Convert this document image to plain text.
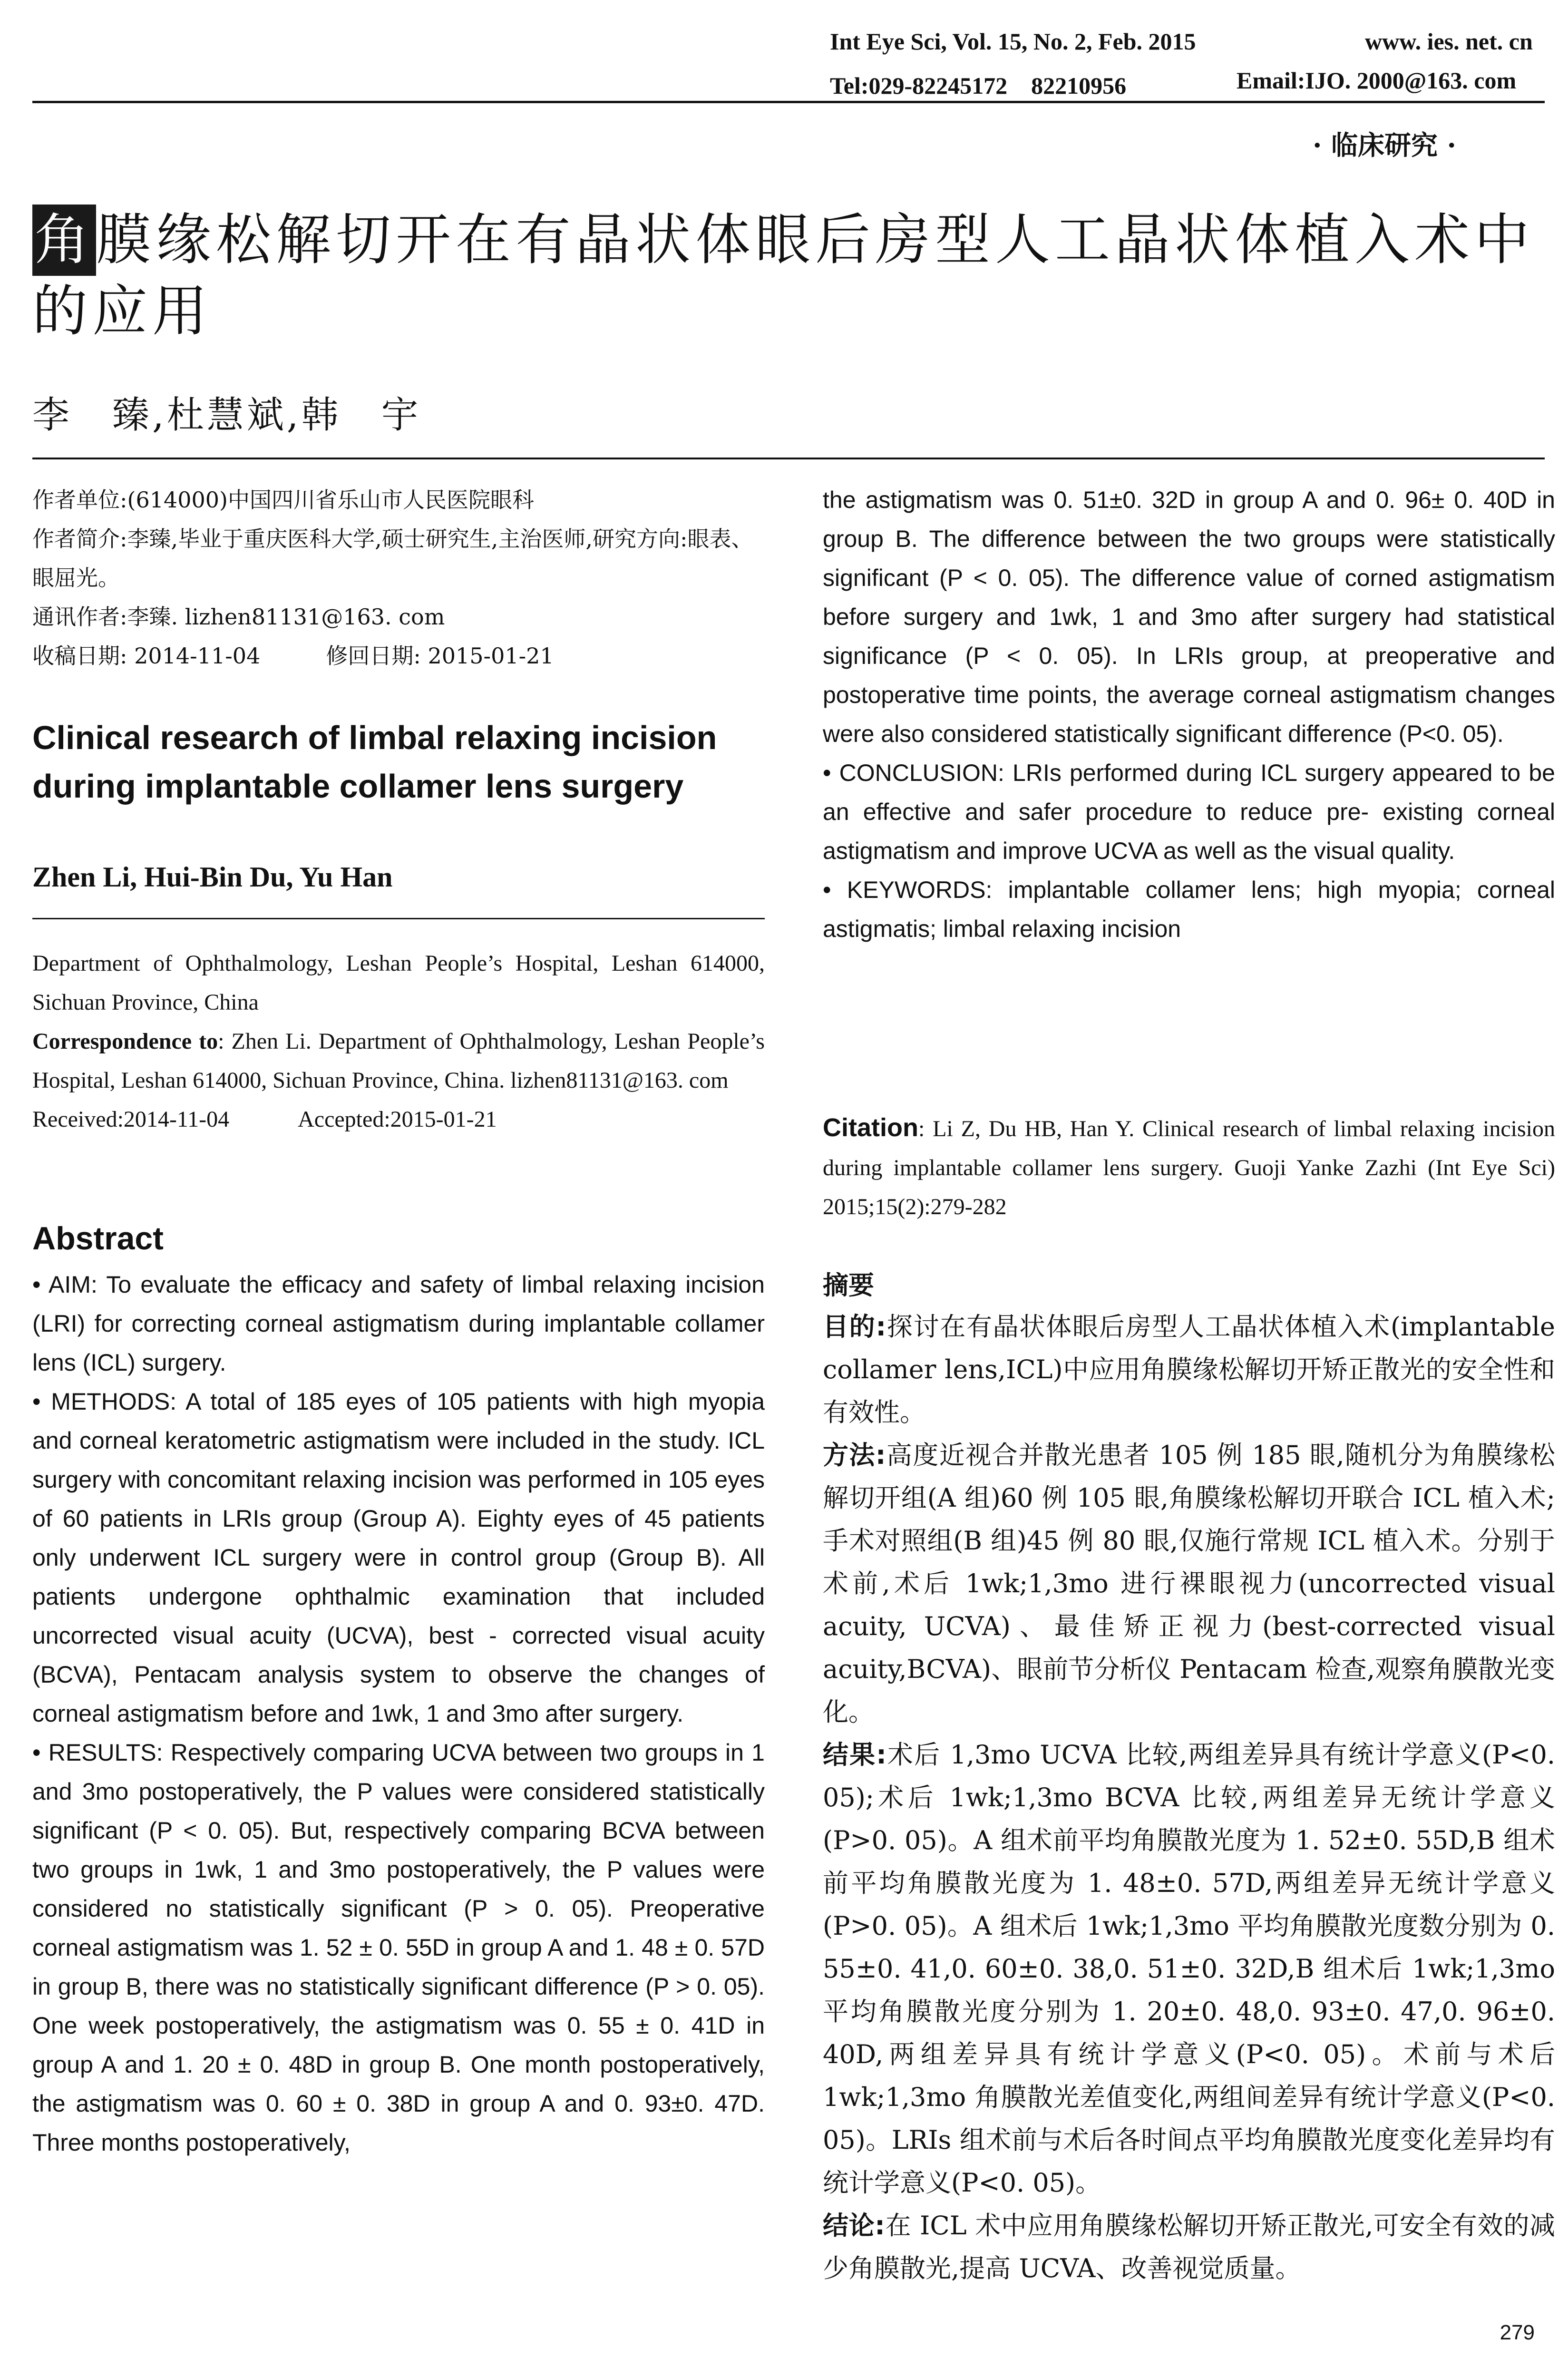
Int Eye Sci, Vol. 15, No. 2, Feb. 2015	www. ies. net. cn
Tel:029-82245172　82210956	Email:IJO. 2000@163. com
· 临床研究 ·
角膜缘松解切开在有晶状体眼后房型人工晶状体植入术中的应用
李　臻,杜慧斌,韩　宇
作者单位:(614000)中国四川省乐山市人民医院眼科
作者简介:李臻,毕业于重庆医科大学,硕士研究生,主治医师,研究方向:眼表、眼屈光。
通讯作者:李臻. lizhen81131@163. com
收稿日期: 2014-11-04　　　修回日期: 2015-01-21
Clinical research of limbal relaxing incision during implantable collamer lens surgery
Zhen Li, Hui-Bin Du, Yu Han
Department of Ophthalmology, Leshan People’s Hospital, Leshan 614000, Sichuan Province, China
Correspondence to: Zhen Li. Department of Ophthalmology, Leshan People’s Hospital, Leshan 614000, Sichuan Province, China. lizhen81131@163. com
Received:2014-11-04　　　Accepted:2015-01-21
Abstract

• AIM: To evaluate the efficacy and safety of limbal relaxing incision (LRI) for correcting corneal astigmatism during implantable collamer lens (ICL) surgery.

• METHODS: A total of 185 eyes of 105 patients with high myopia and corneal keratometric astigmatism were included in the study. ICL surgery with concomitant relaxing incision was performed in 105 eyes of 60 patients in LRIs group (Group A). Eighty eyes of 45 patients only underwent ICL surgery were in control group (Group B). All patients undergone ophthalmic examination that included uncorrected visual acuity (UCVA), best - corrected visual acuity (BCVA), Pentacam analysis system to observe the changes of corneal astigmatism before and 1wk, 1 and 3mo after surgery.

• RESULTS: Respectively comparing UCVA between two groups in 1 and 3mo postoperatively, the P values were considered statistically significant (P < 0. 05). But, respectively comparing BCVA between two groups in 1wk, 1 and 3mo postoperatively, the P values were considered no statistically significant (P > 0. 05). Preoperative corneal astigmatism was 1. 52 ± 0. 55D in group A and 1. 48 ± 0. 57D in group B, there was no statistically significant difference (P > 0. 05). One week postoperatively, the astigmatism was 0. 55 ± 0. 41D in group A and 1. 20 ± 0. 48D in group B. One month postoperatively, the astigmatism was 0. 60 ± 0. 38D in group A and 0. 93±0. 47D. Three months postoperatively,

the astigmatism was 0. 51±0. 32D in group A and 0. 96± 0. 40D in group B. The difference between the two groups were statistically significant (P < 0. 05). The difference value of corned astigmatism before surgery and 1wk, 1 and 3mo after surgery had statistical significance (P < 0. 05). In LRIs group, at preoperative and postoperative time points, the average corneal astigmatism changes were also considered statistically significant difference (P<0. 05).

• CONCLUSION: LRIs performed during ICL surgery appeared to be an effective and safer procedure to reduce pre- existing corneal astigmatism and improve UCVA as well as the visual quality.

• KEYWORDS: implantable collamer lens; high myopia; corneal astigmatis; limbal relaxing incision

Citation: Li Z, Du HB, Han Y. Clinical research of limbal relaxing incision during implantable collamer lens surgery. Guoji Yanke Zazhi (Int Eye Sci) 2015;15(2):279-282
摘要

目的:探讨在有晶状体眼后房型人工晶状体植入术(implantable collamer lens,ICL)中应用角膜缘松解切开矫正散光的安全性和有效性。

方法:高度近视合并散光患者 105 例 185 眼,随机分为角膜缘松解切开组(A 组)60 例 105 眼,角膜缘松解切开联合 ICL 植入术;手术对照组(B 组)45 例 80 眼,仅施行常规 ICL 植入术。分别于术前,术后 1wk;1,3mo 进行裸眼视力(uncorrected visual acuity, UCVA)、最佳矫正视力(best-corrected visual acuity,BCVA)、眼前节分析仪 Pentacam 检查,观察角膜散光变化。

结果:术后 1,3mo UCVA 比较,两组差异具有统计学意义(P<0. 05);术后 1wk;1,3mo BCVA 比较,两组差异无统计学意义(P>0. 05)。A 组术前平均角膜散光度为 1. 52±0. 55D,B 组术前平均角膜散光度为 1. 48±0. 57D,两组差异无统计学意义(P>0. 05)。A 组术后 1wk;1,3mo 平均角膜散光度数分别为 0. 55±0. 41,0. 60±0. 38,0. 51±0. 32D,B 组术后 1wk;1,3mo 平均角膜散光度分别为 1. 20±0. 48,0. 93±0. 47,0. 96±0. 40D,两组差异具有统计学意义(P<0. 05)。术前与术后 1wk;1,3mo 角膜散光差值变化,两组间差异有统计学意义(P<0. 05)。LRIs 组术前与术后各时间点平均角膜散光度变化差异均有统计学意义(P<0. 05)。

结论:在 ICL 术中应用角膜缘松解切开矫正散光,可安全有效的减少角膜散光,提高 UCVA、改善视觉质量。

279
